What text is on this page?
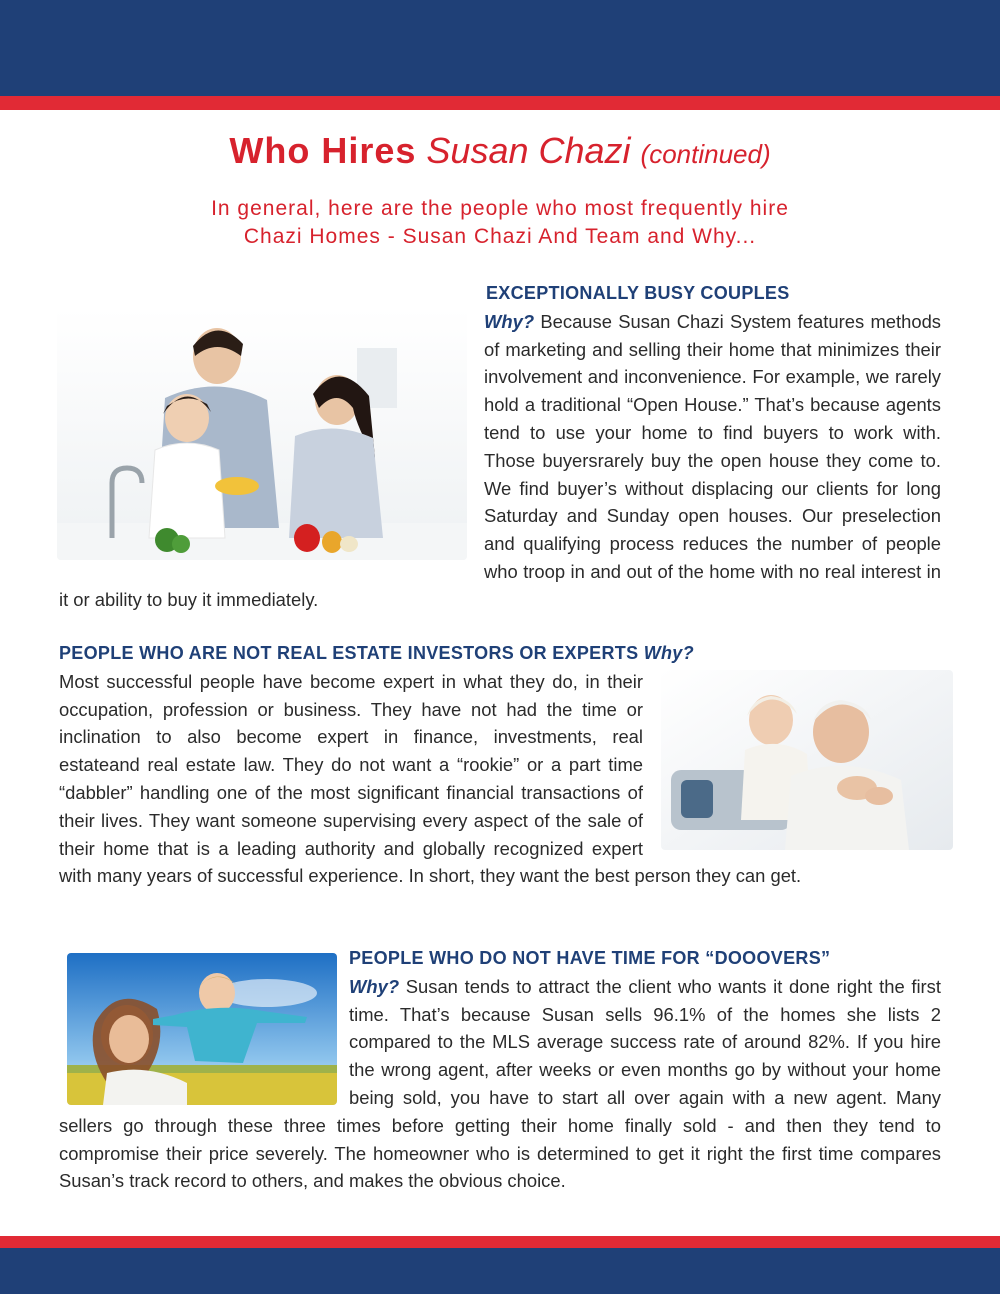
Who Hires Susan Chazi (continued)
In general, here are the people who most frequently hire
Chazi Homes - Susan Chazi And Team and Why...
EXCEPTIONALLY BUSY COUPLES

Why? Because Susan Chazi System features methods of marketing and selling their home that minimizes their involvement and inconvenience. For example, we rarely hold a traditional “Open House.” That’s because agents tend to use your home to find buyers to work with. Those buyersrarely buy the open house they come to. We find buyer’s without displacing our clients for long Saturday and Sunday open houses. Our preselection and qualifying process reduces the number of people who troop in and out of the home with no real interest in it or ability to buy it immediately.

PEOPLE WHO ARE NOT REAL ESTATE INVESTORS OR EXPERTS Why?

Most successful people have become expert in what they do, in their occupation, profession or business. They have not had the time or inclination to also become expert in finance, investments, real estateand real estate law. They do not want a “rookie” or a part time “dabbler” handling one of the most significant financial transactions of their lives. They want someone supervising every aspect of the sale of their home that is a leading authority and globally recognized expert with many years of successful experience. In short, they want the best person they can get.

PEOPLE WHO DO NOT HAVE TIME FOR “DOOOVERS”

Why? Susan tends to attract the client who wants it done right the first time. That’s because Susan sells 96.1% of the homes she lists 2 compared to the MLS average success rate of around 82%. If you hire the wrong agent, after weeks or even months go by without your home being sold, you have to start all over again with a new agent. Many sellers go through these three times before getting their home finally sold - and then they tend to compromise their price severely. The homeowner who is determined to get it right the first time compares Susan’s track record to others, and makes the obvious choice.
